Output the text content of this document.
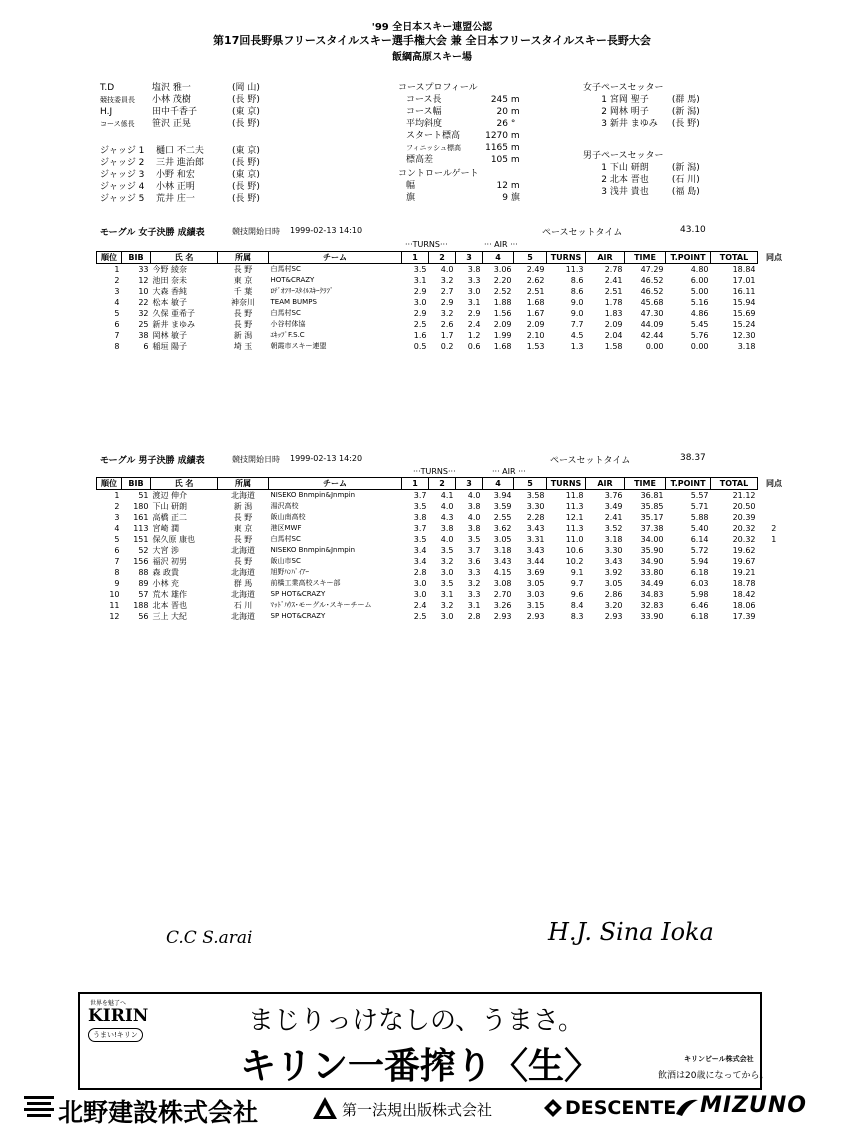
'99 全日本スキー連盟公認
第17回長野県フリースタイルスキー選手権大会 兼 全日本フリースタイルスキー長野大会
飯綱高原スキー場
T.D	塩沢 雅一	(岡 山)
競技委員長 小林 茂樹	(長 野)
H.J	田中千香子	(東 京)
コース係長 笹沢 正晃	(長 野)
ジャッジ 1 樋口 不二夫	(東 京)
ジャッジ 2 三井 進治郎	(長 野)
ジャッジ 3 小野 和宏	(東 京)
ジャッジ 4 小林 正明	(長 野)
ジャッジ 5 荒井 庄一	(長 野)
コースプロフィール
コース長	245 m
コース幅	20 m
平均斜度	26 °
スタート標高	1270 m
フィニッシュ標高	1165 m
標高差	105 m
コントロールゲート
幅	12 m
旗	9 旗
女子ペースセッター
1 宮岡 聖子	(群 馬)
2 岡林 明子	(新 潟)
3 新井 まゆみ (長 野)
男子ペースセッター
1 下山 研朗	(新 潟)
2 北本 晋也	(石 川)
3 浅井 貴也	(福 島)
モーグル 女子決勝 成績表	競技開始日時 1999-02-13 14:10	ペースセットタイム	43.10
···TURNS···	··· AIR ···
順位	BIB	氏 名	所属	チーム	1	2	3	4	5	TURNS	AIR	TIME	T.POINT	TOTAL	同点
1	33	今野 綾奈	長 野	白馬村SC	3.5	4.0	3.8	3.06	2.49	11.3	2.78	47.29	4.80	18.84	
2	12	池田 奈未	東 京	HOT&CRAZY	3.1	3.2	3.3	2.20	2.62	8.6	2.41	46.52	6.00	17.01	
3	10	大森 香純	千 葉	ﾛﾃﾞｵﾌﾘｰｽﾀｲﾙｽｷｰｸﾗﾌﾞ	2.9	2.7	3.0	2.52	2.51	8.6	2.51	46.52	5.00	16.11	
4	22	松本 敏子	神奈川	TEAM BUMPS	3.0	2.9	3.1	1.88	1.68	9.0	1.78	45.68	5.16	15.94	
5	32	久保 亜希子	長 野	白馬村SC	2.9	3.2	2.9	1.56	1.67	9.0	1.83	47.30	4.86	15.69	
6	25	新井 まゆみ	長 野	小谷村体協	2.5	2.6	2.4	2.09	2.09	7.7	2.09	44.09	5.45	15.24	
7	38	岡林 敏子	新 潟	ｴｷｯﾌﾟF.S.C	1.6	1.7	1.2	1.99	2.10	4.5	2.04	42.44	5.76	12.30	
8	6	稲垣 陽子	埼 玉	朝霞市スキー連盟	0.5	0.2	0.6	1.68	1.53	1.3	1.58	0.00	0.00	3.18	
モーグル 男子決勝 成績表	競技開始日時 1999-02-13 14:20	ペースセットタイム	38.37
···TURNS···	··· AIR ···
順位	BIB	氏 名	所属	チーム	1	2	3	4	5	TURNS	AIR	TIME	T.POINT	TOTAL	同点
1	51	渡辺 伸介	北海道	NISEKO Bnmpin&Jnmpin	3.7	4.1	4.0	3.94	3.58	11.8	3.76	36.81	5.57	21.12	
2	180	下山 研朗	新 潟	湯沢高校	3.5	4.0	3.8	3.59	3.30	11.3	3.49	35.85	5.71	20.50	
3	161	高橋 正二	長 野	飯山南高校	3.8	4.3	4.0	2.55	2.28	12.1	2.41	35.17	5.88	20.39	
4	113	宮崎 潤	東 京	港区MWF	3.7	3.8	3.8	3.62	3.43	11.3	3.52	37.38	5.40	20.32	2
5	151	保久原 康也	長 野	白馬村SC	3.5	4.0	3.5	3.05	3.31	11.0	3.18	34.00	6.14	20.32	1
6	52	大宮 渉	北海道	NISEKO Bnmpin&Jnmpin	3.4	3.5	3.7	3.18	3.43	10.6	3.30	35.90	5.72	19.62	
7	156	福沢 初男	長 野	飯山市SC	3.4	3.2	3.6	3.43	3.44	10.2	3.43	34.90	5.94	19.67	
8	88	森 政貴	北海道	旭野ﾊﾝﾊﾞｲｱｰ	2.8	3.0	3.3	4.15	3.69	9.1	3.92	33.80	6.18	19.21	
9	89	小林 充	群 馬	前橋工業高校スキー部	3.0	3.5	3.2	3.08	3.05	9.7	3.05	34.49	6.03	18.78	
10	57	荒木 雄作	北海道	SP HOT&CRAZY	3.0	3.1	3.3	2.70	3.03	9.6	2.86	34.83	5.98	18.42	
11	188	北本 晋也	石 川	ﾏｯﾄﾞﾊｳｽ･モーグル･スキーチーム	2.4	3.2	3.1	3.26	3.15	8.4	3.20	32.83	6.46	18.06	
12	56	三上 大紀	北海道	SP HOT&CRAZY	2.5	3.0	2.8	2.93	2.93	8.3	2.93	33.90	6.18	17.39	
C.C S.arai	H.J. Sina Ioka
世界を魅了へ
KIRIN
うまい!キリン	まじりっけなしの、うまさ。
キリン一番搾り〈生〉	キリンビール株式会社
飲酒は20歳になってから。
北野建設株式会社	第一法規出版株式会社	DESCENTE MIZUNO
